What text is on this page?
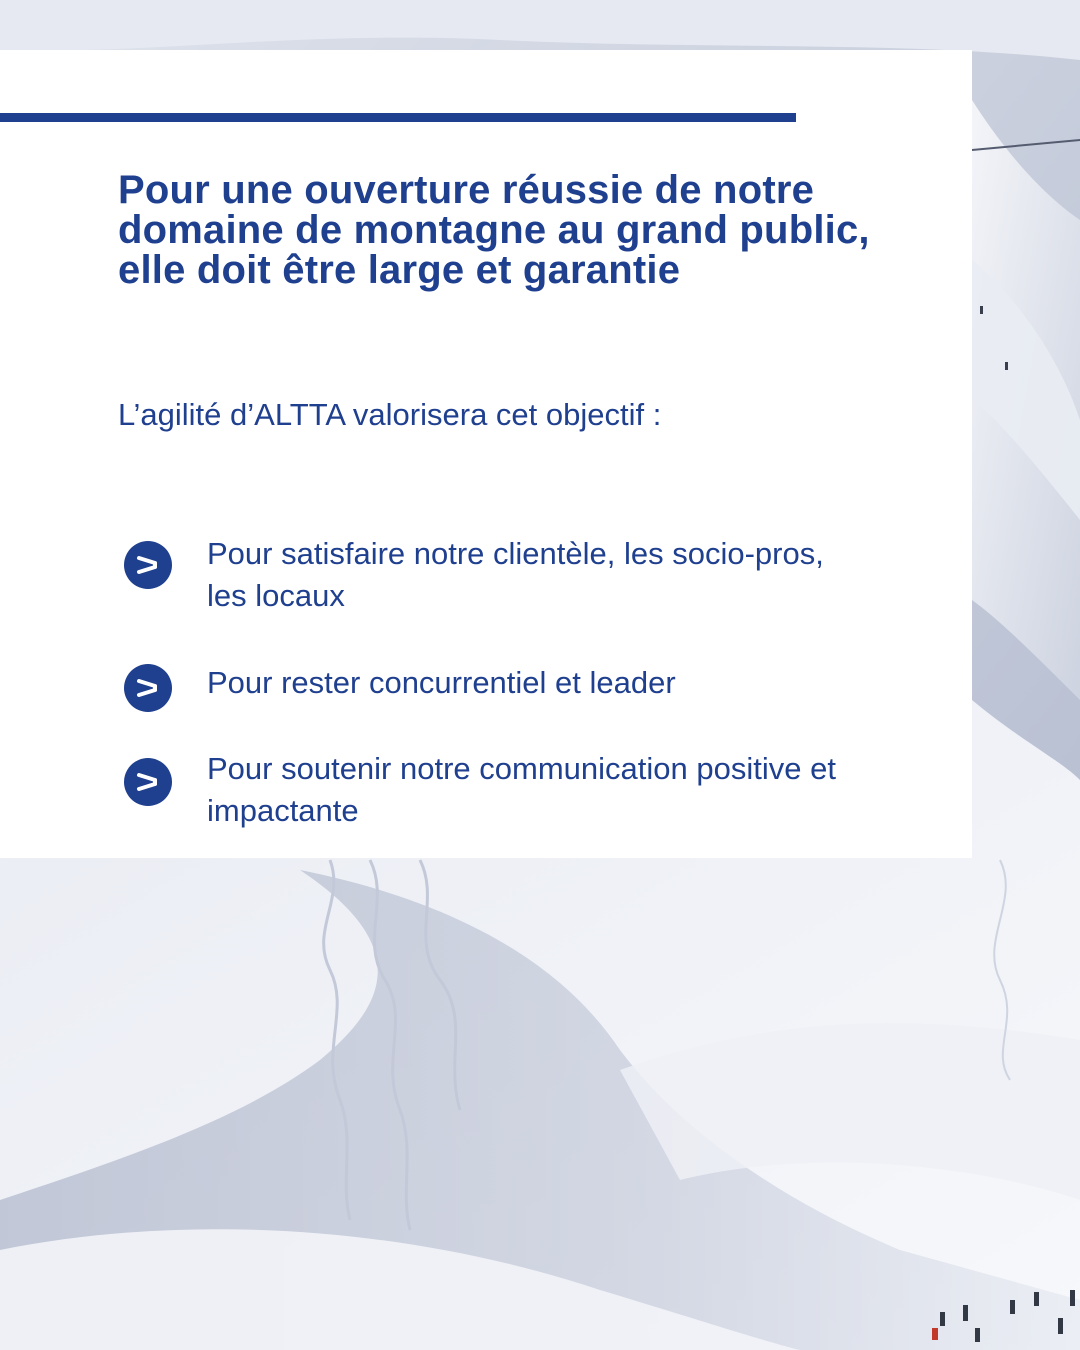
Pour une ouverture réussie de notre domaine de montagne au grand public, elle doit être large et garantie

L’agilité d’ALTTA valorisera cet objectif :

Pour satisfaire notre clientèle, les socio-pros, les locaux
Pour rester concurrentiel et leader
Pour soutenir notre communication positive et impactante
